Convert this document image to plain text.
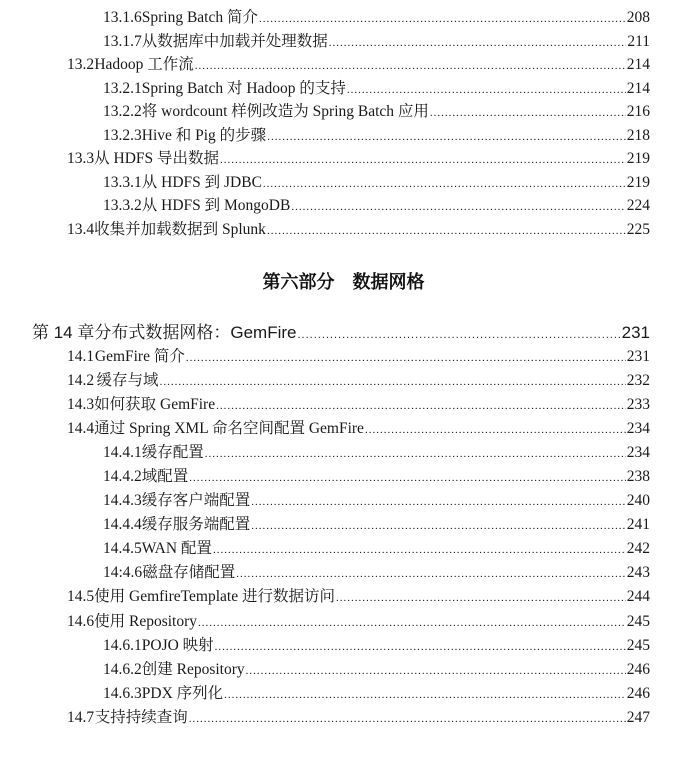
13.1.6 Spring Batch 简介 .....	208
13.1.7 从数据库中加载并处理数据 .....	211
13.2 Hadoop 工作流 .....	214
13.2.1 Spring Batch 对 Hadoop 的支持 .....	214
13.2.2 将 wordcount 样例改造为 Spring Batch 应用 .....	216
13.2.3 Hive 和 Pig 的步骤 .....	218
13.3 从 HDFS 导出数据 .....	219
13.3.1 从 HDFS 到 JDBC .....	219
13.3.2 从 HDFS 到 MongoDB .....	224
13.4 收集并加载数据到 Splunk .....	225
第六部分　数据网格
第 14 章 分布式数据网格：GemFire .....	231
14.1 GemFire 简介 .....	231
14.2 缓存与域 .....	232
14.3 如何获取 GemFire .....	233
14.4 通过 Spring XML 命名空间配置 GemFire .....	234
14.4.1 缓存配置 .....	234
14.4.2 域配置 .....	238
14.4.3 缓存客户端配置 .....	240
14.4.4 缓存服务端配置 .....	241
14.4.5 WAN 配置 .....	242
14:4.6 磁盘存储配置 .....	243
14.5 使用 GemfireTemplate 进行数据访问 .....	244
14.6 使用 Repository .....	245
14.6.1 POJO 映射 .....	245
14.6.2 创建 Repository .....	246
14.6.3 PDX 序列化 .....	246
14.7 支持持续查询 .....	247
